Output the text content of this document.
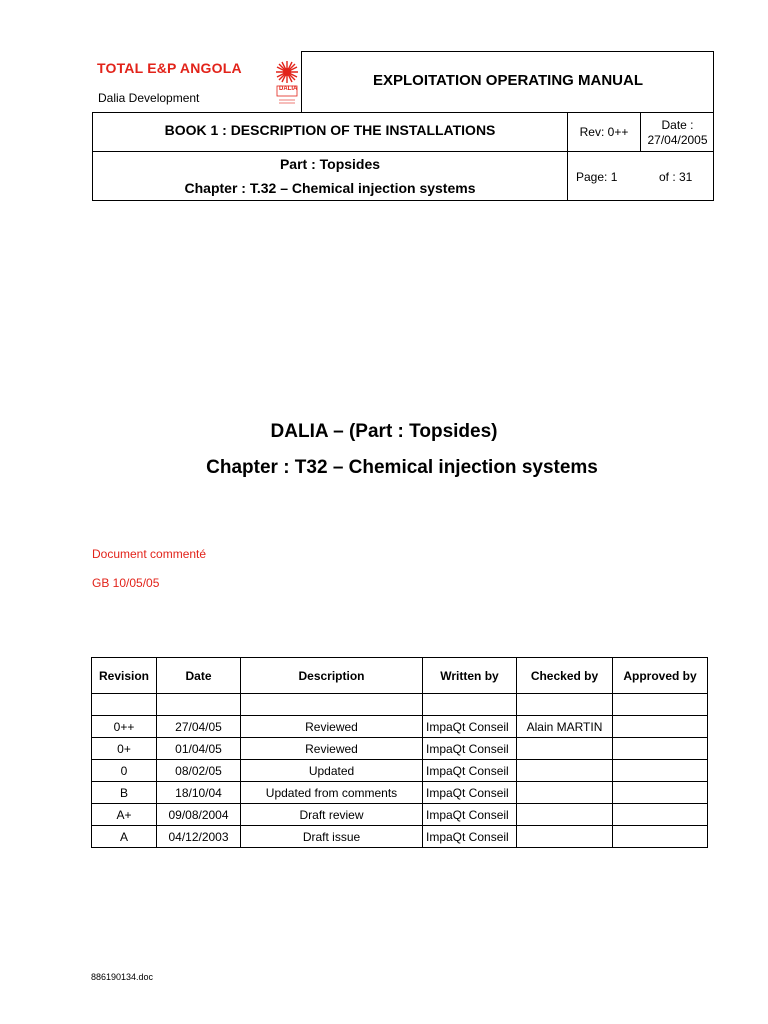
TOTAL E&P ANGOLA
Dalia Development
DALIA	EXPLOITATION OPERATING MANUAL
BOOK 1 : DESCRIPTION OF THE INSTALLATIONS	Rev: 0++	Date :
27/04/2005
Part : Topsides
Chapter : T.32 – Chemical injection systems
Page: 1	of : 31
DALIA – (Part : Topsides)
Chapter : T32 – Chemical injection systems
Document commenté
GB 10/05/05
Revision	Date	Description	Written by	Checked by	Approved by

0++	27/04/05	Reviewed	ImpaQt Conseil	Alain MARTIN	
0+	01/04/05	Reviewed	ImpaQt Conseil		
0	08/02/05	Updated	ImpaQt Conseil		
B	18/10/04	Updated from comments	ImpaQt Conseil		
A+	09/08/2004	Draft review	ImpaQt Conseil		
A	04/12/2003	Draft issue	ImpaQt Conseil		
886190134.doc
